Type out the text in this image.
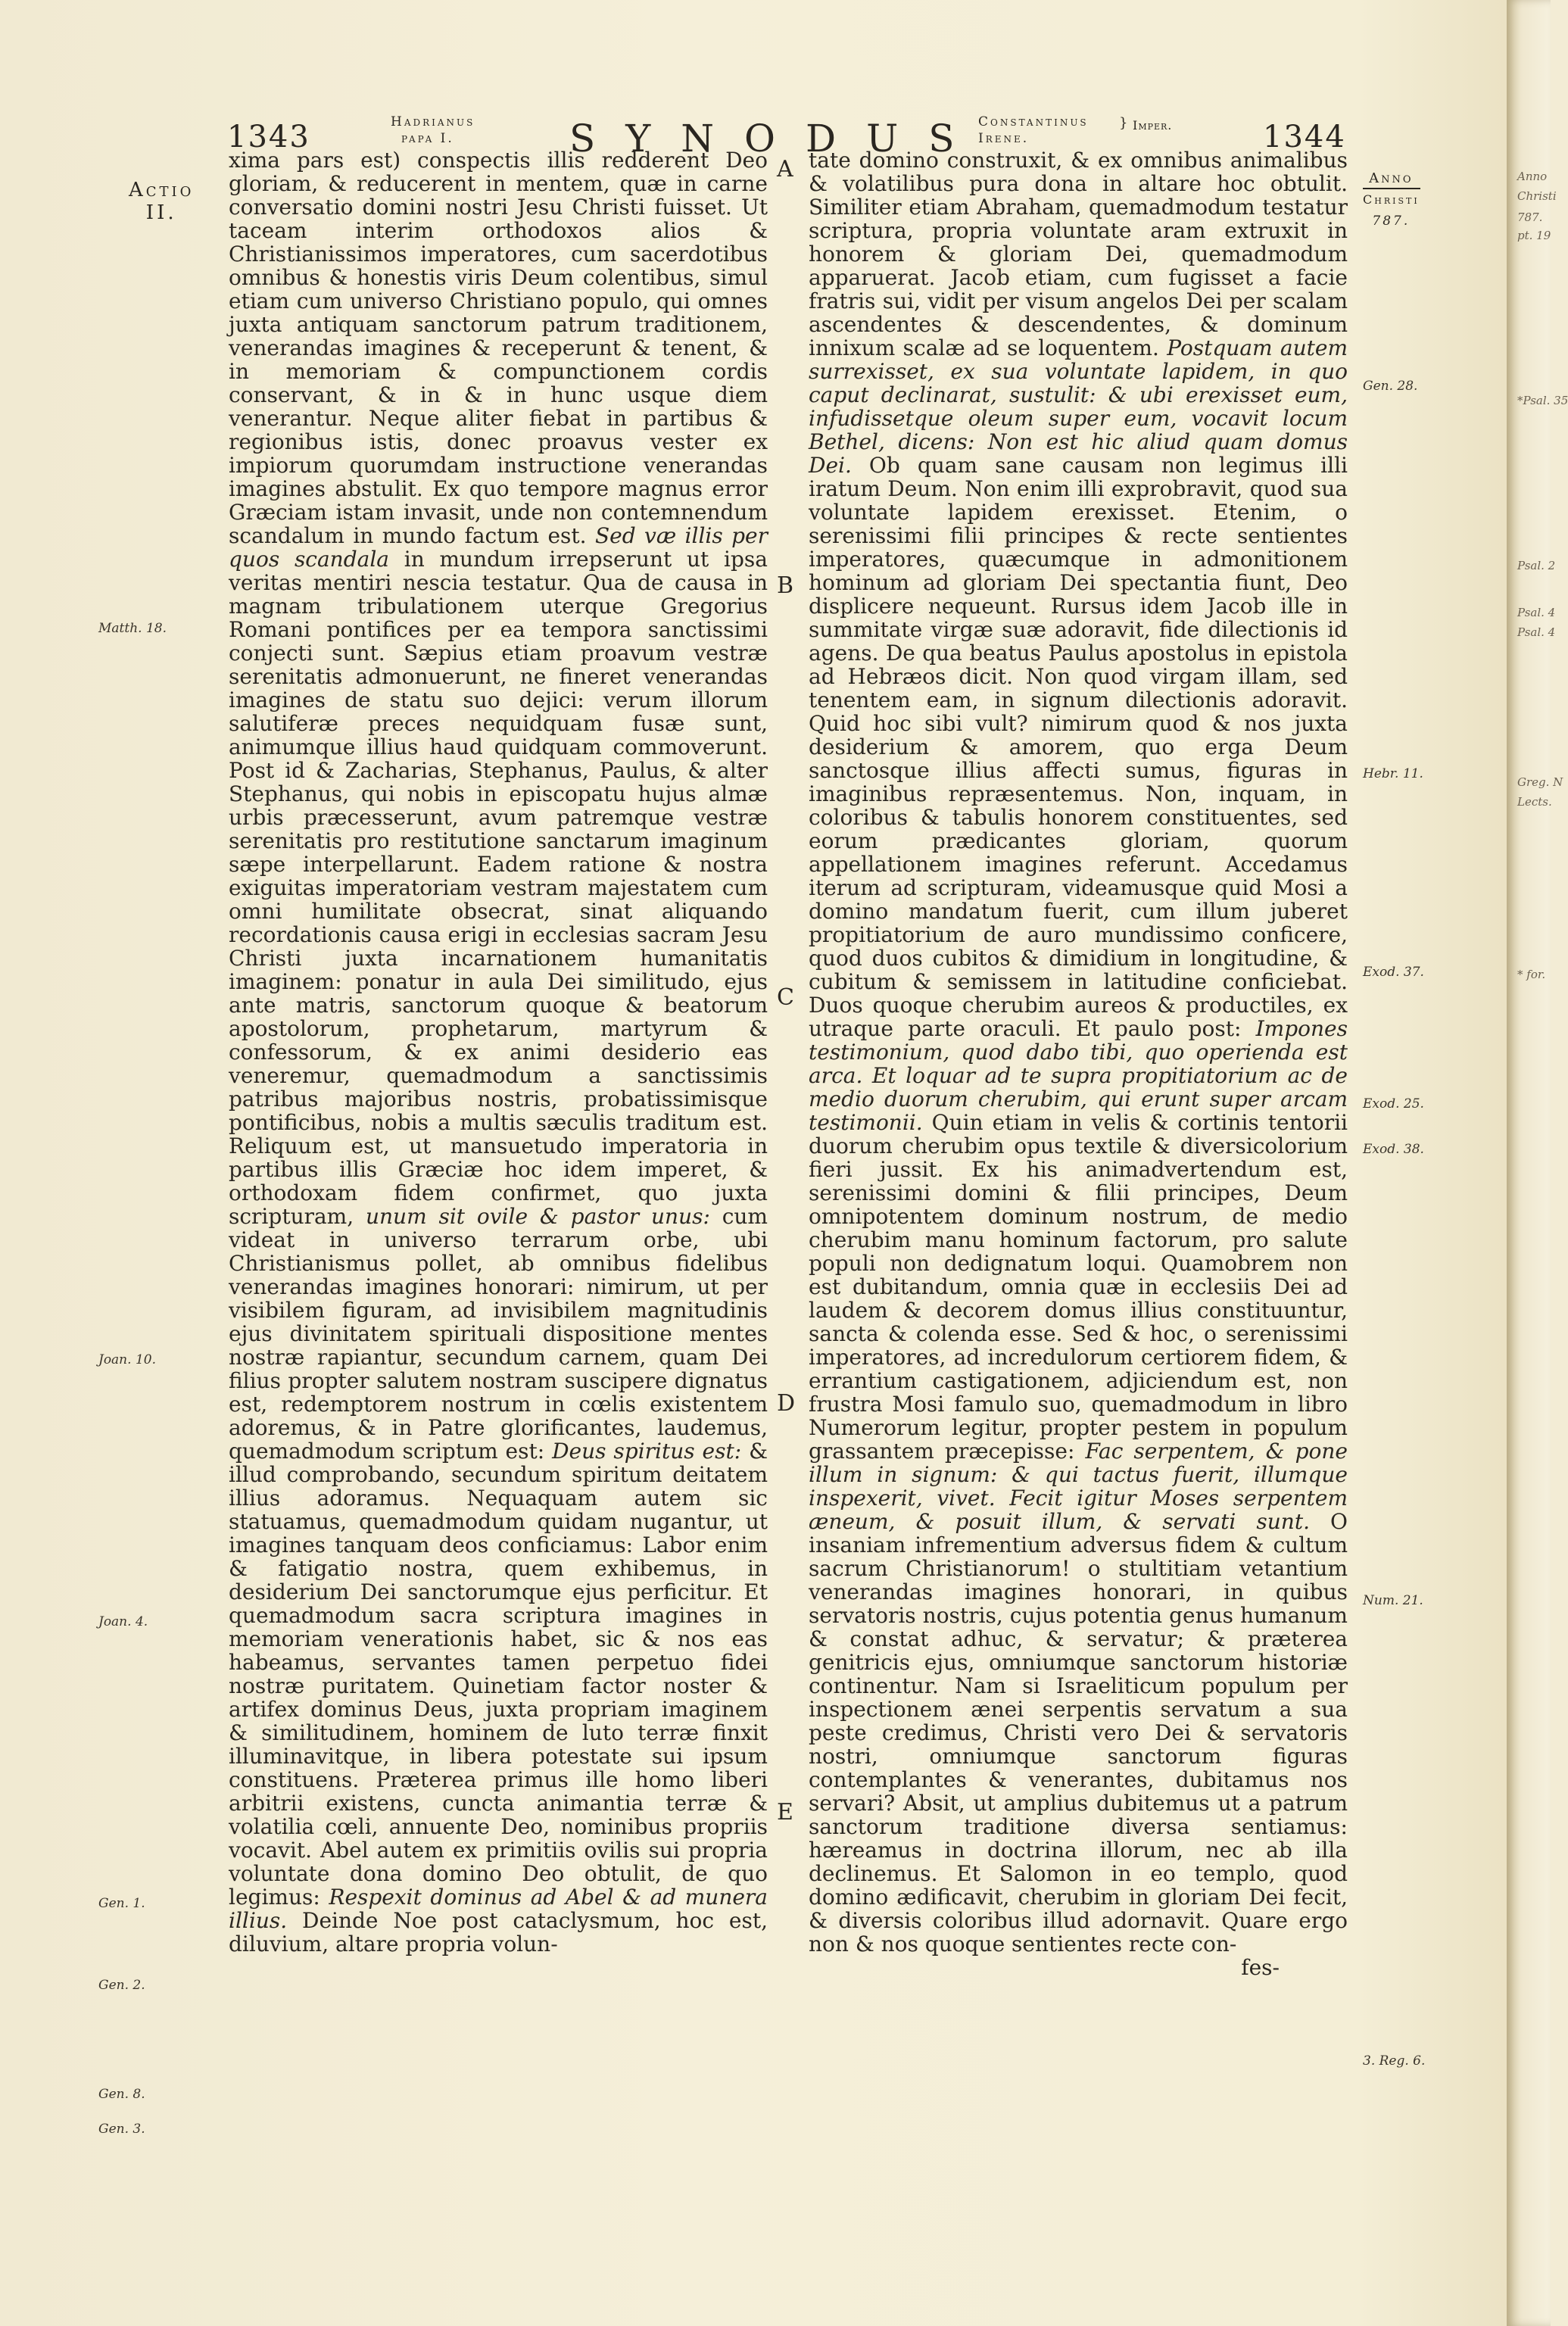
Anno
Christi
787.
pt. 19
*Psal. 35
Psal. 2
Psal. 4
Psal. 4
Greg. N
Lects.
* for.
1343	Hadrianus
papa I.	SYNODUS
Constantinus
Irene.
} Imper.	1344
Actio
II.
Matth. 18.
Joan. 10.
Joan. 4.
Gen. 1.
Gen. 2.
Gen. 8.
Gen. 3.
Anno
Christi
787.
Gen. 28.
Hebr. 11.
Exod. 37.
Exod. 25.
Exod. 38.
Num. 21.
3. Reg. 6.
A
B
C
D
E

xima pars est) conspectis illis redderent Deo gloriam, & reducerent in mentem, quæ in carne conversatio domini nostri Jesu Christi fuisset. Ut taceam interim orthodoxos alios & Christianissimos imperatores, cum sacerdotibus omnibus & honestis viris Deum colentibus, simul etiam cum universo Christiano populo, qui omnes juxta antiquam sanctorum patrum traditionem, venerandas imagines & receperunt & tenent, & in memoriam & compunctionem cordis conservant, & in & in hunc usque diem venerantur. Neque aliter fiebat in partibus & regionibus istis, donec proavus vester ex impiorum quorumdam instructione venerandas imagines abstulit. Ex quo tempore magnus error Græciam istam invasit, unde non contemnendum scandalum in mundo factum est. Sed væ illis per quos scandala in mundum irrepserunt ut ipsa veritas mentiri nescia testatur. Qua de causa in magnam tribulationem uterque Gregorius Romani pontifices per ea tempora sanctissimi conjecti sunt. Sæpius etiam proavum vestræ serenitatis admonuerunt, ne fineret venerandas imagines de statu suo dejici: verum illorum salutiferæ preces nequidquam fusæ sunt, animumque illius haud quidquam commoverunt. Post id & Zacharias, Stephanus, Paulus, & alter Stephanus, qui nobis in episcopatu hujus almæ urbis præcesserunt, avum patremque vestræ serenitatis pro restitutione sanctarum imaginum sæpe interpellarunt. Eadem ratione & nostra exiguitas imperatoriam vestram majestatem cum omni humilitate obsecrat, sinat aliquando recordationis causa erigi in ecclesias sacram Jesu Christi juxta incarnationem humanitatis imaginem: ponatur in aula Dei similitudo, ejus ante matris, sanctorum quoque & beatorum apostolorum, prophetarum, martyrum & confessorum, & ex animi desiderio eas veneremur, quemadmodum a sanctissimis patribus majoribus nostris, probatissimisque pontificibus, nobis a multis sæculis traditum est. Reliquum est, ut mansuetudo imperatoria in partibus illis Græciæ hoc idem imperet, & orthodoxam fidem confirmet, quo juxta scripturam, unum sit ovile & pastor unus: cum videat in universo terrarum orbe, ubi Christianismus pollet, ab omnibus fidelibus venerandas imagines honorari: nimirum, ut per visibilem figuram, ad invisibilem magnitudinis ejus divinitatem spirituali dispositione mentes nostræ rapiantur, secundum carnem, quam Dei filius propter salutem nostram suscipere dignatus est, redemptorem nostrum in cœlis existentem adoremus, & in Patre glorificantes, laudemus, quemadmodum scriptum est: Deus spiritus est: & illud comprobando, secundum spiritum deitatem illius adoramus. Nequaquam autem sic statuamus, quemadmodum quidam nugantur, ut imagines tanquam deos conficiamus: Labor enim & fatigatio nostra, quem exhibemus, in desiderium Dei sanctorumque ejus perficitur. Et quemadmodum sacra scriptura imagines in memoriam venerationis habet, sic & nos eas habeamus, servantes tamen perpetuo fidei nostræ puritatem. Quinetiam factor noster & artifex dominus Deus, juxta propriam imaginem & similitudinem, hominem de luto terræ finxit illuminavitque, in libera potestate sui ipsum constituens. Præterea primus ille homo liberi arbitrii existens, cuncta animantia terræ & volatilia cœli, annuente Deo, nominibus propriis vocavit. Abel autem ex primitiis ovilis sui propria voluntate dona domino Deo obtulit, de quo legimus: Respexit dominus ad Abel & ad munera illius. Deinde Noe post cataclysmum, hoc est, diluvium, altare propria volun-

tate domino construxit, & ex omnibus animalibus & volatilibus pura dona in altare hoc obtulit. Similiter etiam Abraham, quemadmodum testatur scriptura, propria voluntate aram extruxit in honorem & gloriam Dei, quemadmodum apparuerat. Jacob etiam, cum fugisset a facie fratris sui, vidit per visum angelos Dei per scalam ascendentes & descendentes, & dominum innixum scalæ ad se loquentem. Postquam autem surrexisset, ex sua voluntate lapidem, in quo caput declinarat, sustulit: & ubi erexisset eum, infudissetque oleum super eum, vocavit locum Bethel, dicens: Non est hic aliud quam domus Dei. Ob quam sane causam non legimus illi iratum Deum. Non enim illi exprobravit, quod sua voluntate lapidem erexisset. Etenim, o serenissimi filii principes & recte sentientes imperatores, quæcumque in admonitionem hominum ad gloriam Dei spectantia fiunt, Deo displicere nequeunt. Rursus idem Jacob ille in summitate virgæ suæ adoravit, fide dilectionis id agens. De qua beatus Paulus apostolus in epistola ad Hebræos dicit. Non quod virgam illam, sed tenentem eam, in signum dilectionis adoravit. Quid hoc sibi vult? nimirum quod & nos juxta desiderium & amorem, quo erga Deum sanctosque illius affecti sumus, figuras in imaginibus repræsentemus. Non, inquam, in coloribus & tabulis honorem constituentes, sed eorum prædicantes gloriam, quorum appellationem imagines referunt. Accedamus iterum ad scripturam, videamusque quid Mosi a domino mandatum fuerit, cum illum juberet propitiatorium de auro mundissimo conficere, quod duos cubitos & dimidium in longitudine, & cubitum & semissem in latitudine conficiebat. Duos quoque cherubim aureos & productiles, ex utraque parte oraculi. Et paulo post: Impones testimonium, quod dabo tibi, quo operienda est arca. Et loquar ad te supra propitiatorium ac de medio duorum cherubim, qui erunt super arcam testimonii. Quin etiam in velis & cortinis tentorii duorum cherubim opus textile & diversicolorium fieri jussit. Ex his animadvertendum est, serenissimi domini & filii principes, Deum omnipotentem dominum nostrum, de medio cherubim manu hominum factorum, pro salute populi non dedignatum loqui. Quamobrem non est dubitandum, omnia quæ in ecclesiis Dei ad laudem & decorem domus illius constituuntur, sancta & colenda esse. Sed & hoc, o serenissimi imperatores, ad incredulorum certiorem fidem, & errantium castigationem, adjiciendum est, non frustra Mosi famulo suo, quemadmodum in libro Numerorum legitur, propter pestem in populum grassantem præcepisse: Fac serpentem, & pone illum in signum: & qui tactus fuerit, illumque inspexerit, vivet. Fecit igitur Moses serpentem æneum, & posuit illum, & servati sunt. O insaniam infrementium adversus fidem & cultum sacrum Christianorum! o stultitiam vetantium venerandas imagines honorari, in quibus servatoris nostris, cujus potentia genus humanum & constat adhuc, & servatur; & præterea genitricis ejus, omniumque sanctorum historiæ continentur. Nam si Israeliticum populum per inspectionem ænei serpentis servatum a sua peste credimus, Christi vero Dei & servatoris nostri, omniumque sanctorum figuras contemplantes & venerantes, dubitamus nos servari? Absit, ut amplius dubitemus ut a patrum sanctorum traditione diversa sentiamus: hæreamus in doctrina illorum, nec ab illa declinemus. Et Salomon in eo templo, quod domino ædificavit, cherubim in gloriam Dei fecit, & diversis coloribus illud adornavit. Quare ergo non & nos quoque sentientes recte con-

fes-
